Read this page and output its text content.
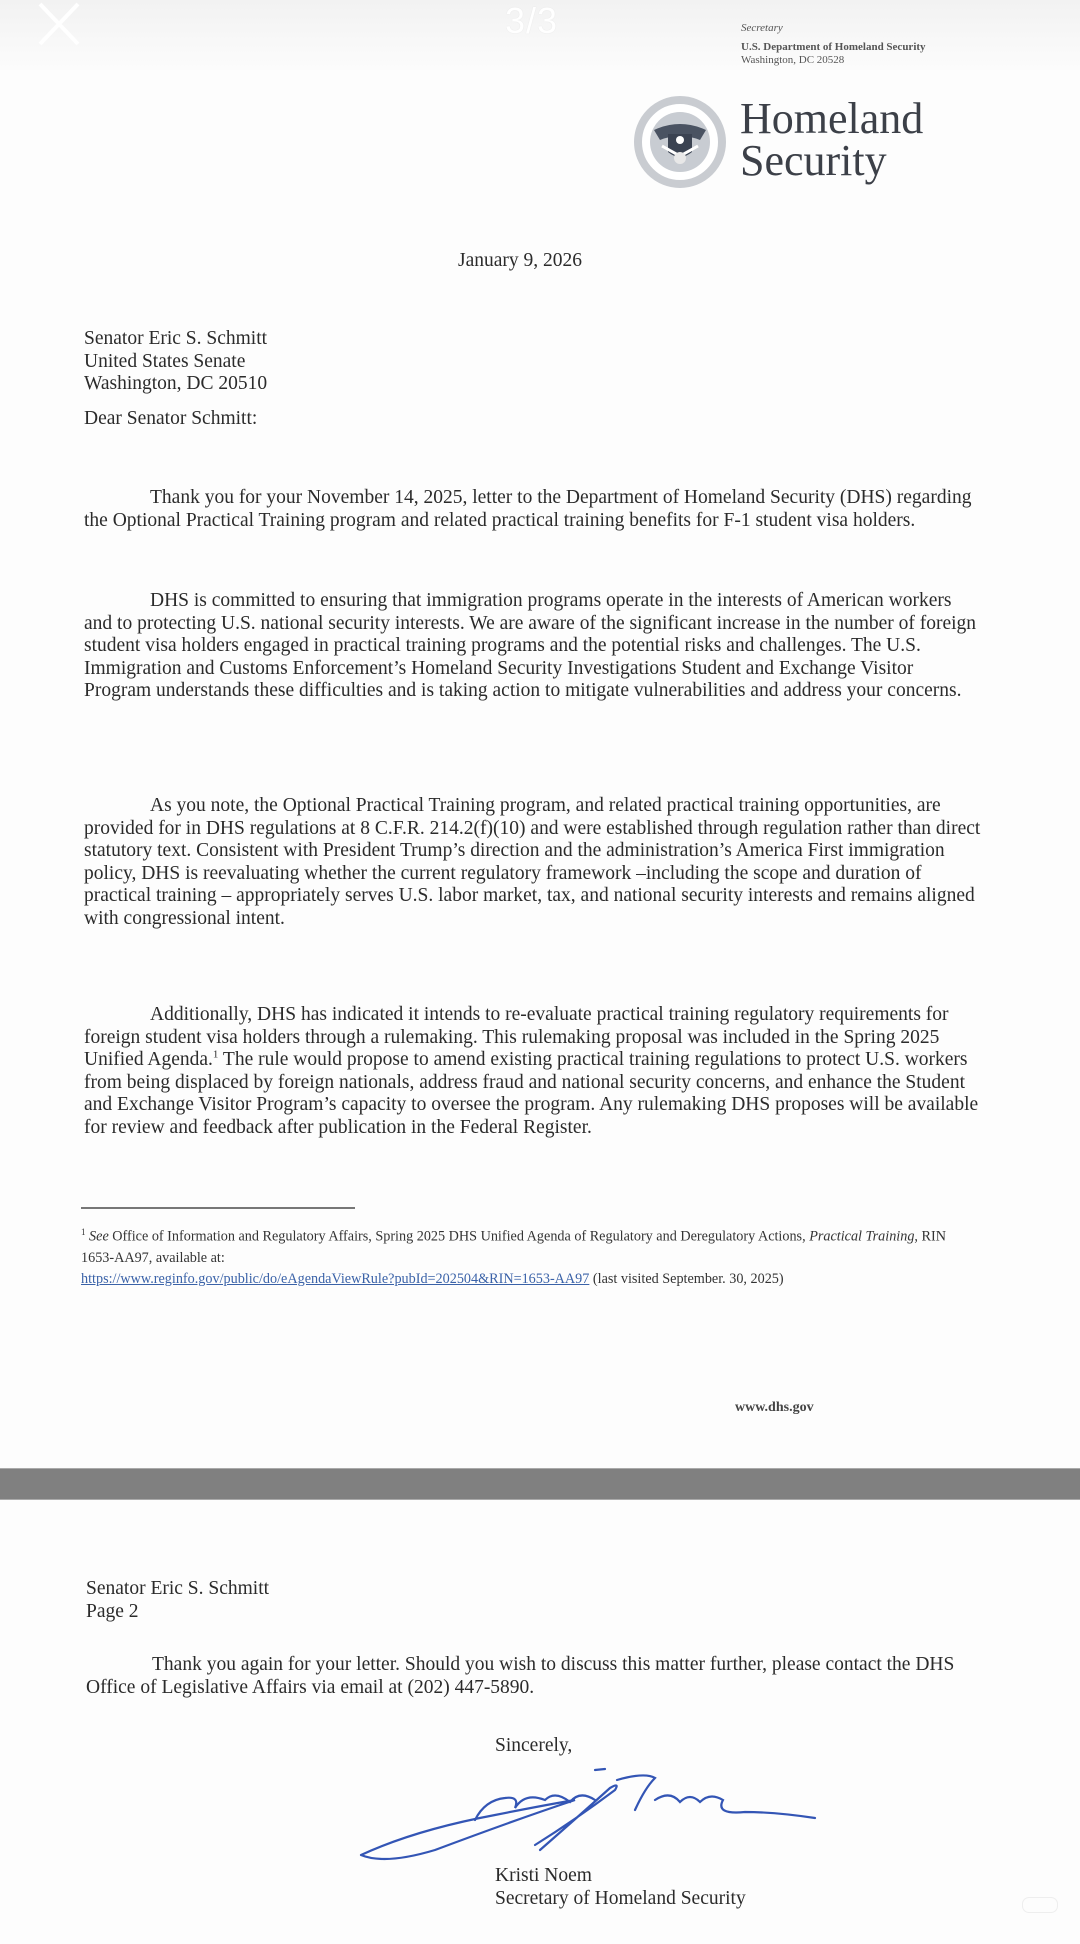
3/3	Secretary
U.S. Department of Homeland Security
Washington, DC 20528
Homeland
Security
January 9, 2026
Senator Eric S. Schmitt
United States Senate
Washington, DC 20510
Dear Senator Schmitt:
Thank you for your November 14, 2025, letter to the Department of Homeland Security (DHS) regarding the Optional Practical Training program and related practical training benefits for F-1 student visa holders.
DHS is committed to ensuring that immigration programs operate in the interests of American workers and to protecting U.S. national security interests. We are aware of the significant increase in the number of foreign student visa holders engaged in practical training programs and the potential risks and challenges. The U.S. Immigration and Customs Enforcement’s Homeland Security Investigations Student and Exchange Visitor Program understands these difficulties and is taking action to mitigate vulnerabilities and address your concerns.
As you note, the Optional Practical Training program, and related practical training opportunities, are provided for in DHS regulations at 8 C.F.R. 214.2(f)(10) and were established through regulation rather than direct statutory text. Consistent with President Trump’s direction and the administration’s America First immigration policy, DHS is reevaluating whether the current regulatory framework –including the scope and duration of practical training – appropriately serves U.S. labor market, tax, and national security interests and remains aligned with congressional intent.
Additionally, DHS has indicated it intends to re-evaluate practical training regulatory requirements for foreign student visa holders through a rulemaking. This rulemaking proposal was included in the Spring 2025 Unified Agenda.$^1$ The rule would propose to amend existing practical training regulations to protect U.S. workers from being displaced by foreign nationals, address fraud and national security concerns, and enhance the Student and Exchange Visitor Program’s capacity to oversee the program. Any rulemaking DHS proposes will be available for review and feedback after publication in the Federal Register.
$^1$ See Office of Information and Regulatory Affairs, Spring 2025 DHS Unified Agenda of Regulatory and Deregulatory Actions, Practical Training, RIN 1653-AA97, available at:
https://www.reginfo.gov/public/do/eAgendaViewRule?pubId=202504&RIN=1653-AA97 (last visited September. 30, 2025)
www.dhs.gov
Senator Eric S. Schmitt
Page 2
Thank you again for your letter. Should you wish to discuss this matter further, please contact the DHS Office of Legislative Affairs via email at (202) 447-5890.
Sincerely,
Kristi Noem
Secretary of Homeland Security
